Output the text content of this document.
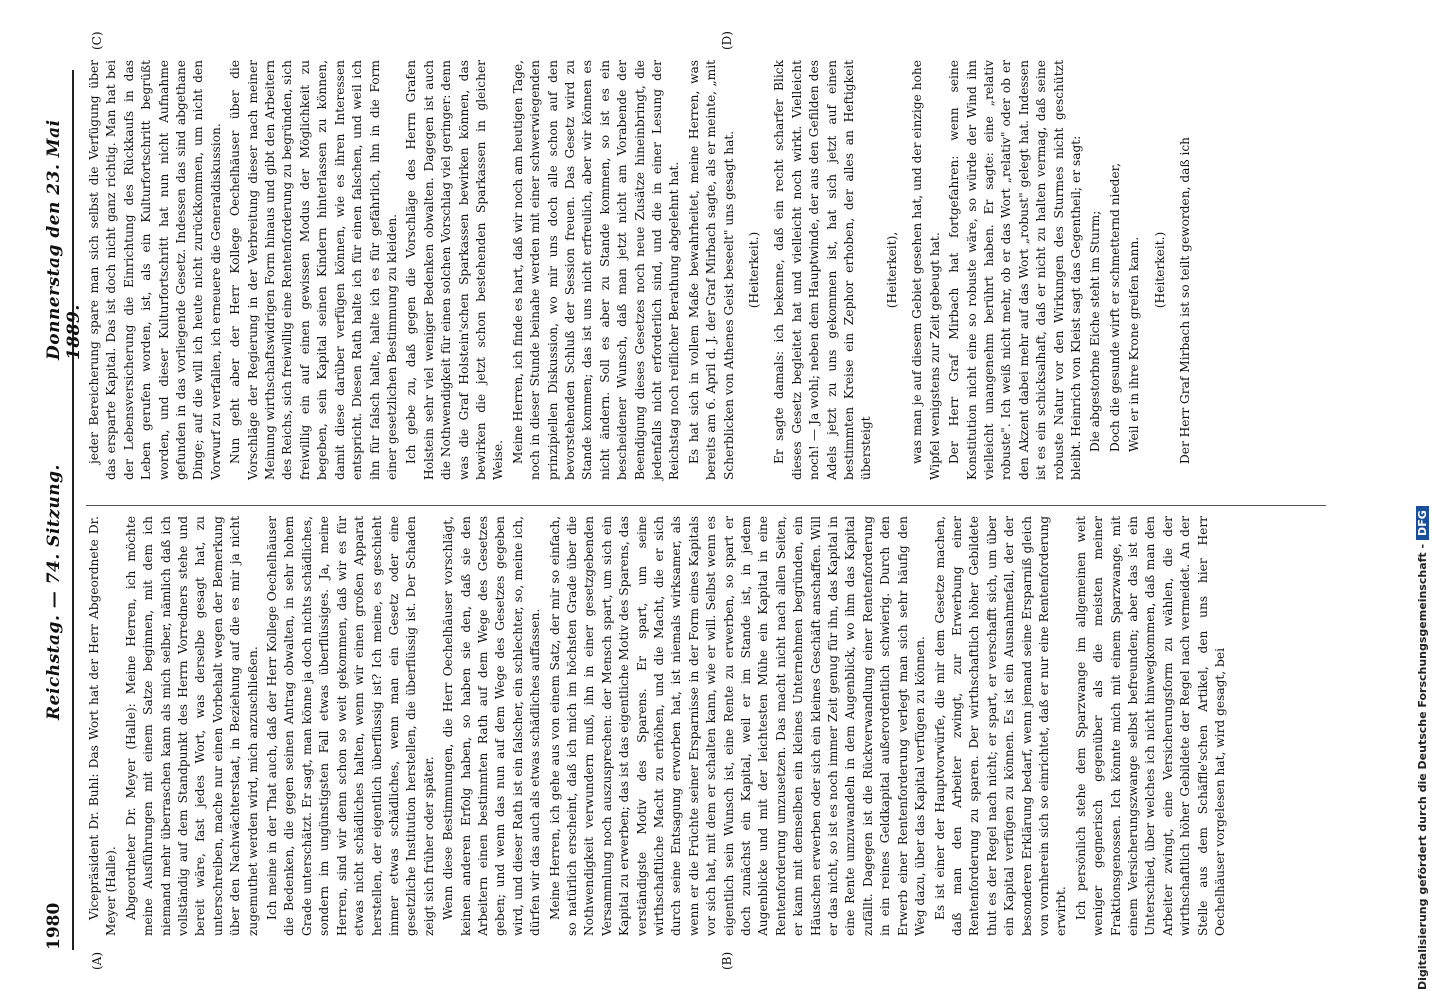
1980
Reichstag. — 74. Sitzung.
Donnerstag den 23. Mai 1889.
(A)	(B)
(C)	(D)

Vicepräsident Dr. Buhl: Das Wort hat der Herr Abgeordnete Dr. Meyer (Halle). Abgeordneter Dr. Meyer (Halle): Meine Herren, ich möchte meine Ausführungen mit einem Satze beginnen, mit dem ich niemand mehr überraschen kann als mich selber, nämlich daß ich vollständig auf dem Standpunkt des Herrn Vorredners stehe und bereit wäre, fast jedes Wort, was derselbe gesagt hat, zu unterschreiben, mache nur einen Vorbehalt wegen der Bemerkung über den Nachwächterstaat, in Beziehung auf die es mir ja nicht zugemuthet werden wird, mich anzuschließen. Ich meine in der That auch, daß der Herr Kollege Oechelhäuser die Bedenken, die gegen seinen Antrag obwalten, in sehr hohem Grade unterschätzt. Er sagt, man könne ja doch nichts schädliches, sondern im ungünstigsten Fall etwas überflüssiges. Ja, meine Herren, sind wir denn schon so weit gekommen, daß wir es für etwas nicht schädliches halten, wenn wir einen großen Apparat herstellen, der eigentlich überflüssig ist? Ich meine, es geschieht immer etwas schädliches, wenn man ein Gesetz oder eine gesetzliche Institution herstellen, die überflüssig ist. Der Schaden zeigt sich früher oder später. Wenn diese Bestimmungen, die Herr Oechelhäuser vorschlägt, keinen anderen Erfolg haben, so haben sie den, daß sie den Arbeitern einen bestimmten Rath auf dem Wege des Gesetzes geben; und wenn das nun auf dem Wege des Gesetzes gegeben wird, und dieser Rath ist ein falscher, ein schlechter, so, meine ich, dürfen wir das auch als etwas schädliches auffassen. Meine Herren, ich gehe aus von einem Satz, der mir so einfach, so natürlich erscheint, daß ich mich im höchsten Grade über die Nothwendigkeit verwundern muß, ihn in einer gesetzgebenden Versammlung noch auszusprechen: der Mensch spart, um sich ein Kapital zu erwerben; das ist das eigentliche Motiv des Sparens, das verständigste Motiv des Sparens. Er spart, um seine wirthschaftliche Macht zu erhöhen, und die Macht, die er sich durch seine Entsagung erworben hat, ist niemals wirksamer, als wenn er die Früchte seiner Ersparnisse in der Form eines Kapitals vor sich hat, mit dem er schalten kann, wie er will. Selbst wenn es eigentlich sein Wunsch ist, eine Rente zu erwerben, so spart er doch zunächst ein Kapital, weil er im Stande ist, in jedem Augenblicke und mit der leichtesten Mühe ein Kapital in eine Rentenforderung umzusetzen. Das macht nicht nach allen Seiten, er kann mit demselben ein kleines Unternehmen begründen, ein Häuschen erwerben oder sich ein kleines Geschäft anschaffen. Will er das nicht, so ist es noch immer Zeit genug für ihn, das Kapital in eine Rente umzuwandeln in dem Augenblick, wo ihm das Kapital zufällt. Dagegen ist die Rückverwandlung einer Rentenforderung in ein reines Geldkapital außerordentlich schwierig. Durch den Erwerb einer Rentenforderung verlegt man sich sehr häufig den Weg dazu, über das Kapital verfügen zu können. Es ist einer der Hauptvorwürfe, die mir dem Gesetze machen, daß man den Arbeiter zwingt, zur Erwerbung einer Rentenforderung zu sparen. Der wirthschaftlich höher Gebildete thut es der Regel nach nicht; er spart, er verschafft sich, um über ein Kapital verfügen zu können. Es ist ein Ausnahmefall, der der besonderen Erklärung bedarf, wenn jemand seine Ersparniß gleich von vornherein sich so einrichtet, daß er nur eine Rentenforderung erwirbt. Ich persönlich stehe dem Sparzwange im allgemeinen weit weniger gegnerisch gegenüber als die meisten meiner Fraktionsgenossen. Ich könnte mich mit einem Sparzwange, mit einem Versicherungszwange selbst befreunden; aber das ist ein Unterschied, über welches ich nicht hinwegkommen, daß man den Arbeiter zwingt, eine Versicherungsform zu wählen, die der wirthschaftlich höher Gebildete der Regel nach vermeidet. An der Stelle aus dem Schäffle'schen Artikel, den uns hier Herr Oechelhäuser vorgelesen hat, wird gesagt, bei

jeder Bereicherung spare man sich selbst die Verfügung über das ersparte Kapital. Das ist doch nicht ganz richtig. Man hat bei der Lebensversicherung die Einrichtung des Rückkaufs in das Leben gerufen worden, ist, als ein Kulturfortschritt begrüßt worden, und dieser Kulturfortschritt hat nun nicht Aufnahme gefunden in das vorliegende Gesetz. Indessen das sind abgethane Dinge; auf die will ich heute nicht zurückkommen, um nicht den Vorwurf zu verfallen, ich erneuere die Generaldiskussion. Nun geht aber der Herr Kollege Oechelhäuser über die Vorschläge der Regierung in der Verbreitung dieser nach meiner Meinung wirthschaftswidrigen Form hinaus und gibt den Arbeitern des Reichs, sich freiwillig eine Rentenforderung zu begründen, sich freiwillig ein auf einen gewissen Modus der Möglichkeit zu begeben, sein Kapital seinen Kindern hinterlassen zu können, damit diese darüber verfügen können, wie es ihren Interessen entspricht. Diesen Rath halte ich für einen falschen, und weil ich ihn für falsch halte, halte ich es für gefährlich, ihn in die Form einer gesetzlichen Bestimmung zu kleiden. Ich gebe zu, daß gegen die Vorschläge des Herrn Grafen Holstein sehr viel weniger Bedenken obwalten. Dagegen ist auch die Nothwendigkeit für einen solchen Vorschlag viel geringer: denn was die Graf Holstein'schen Sparkassen bewirken können, das bewirken die jetzt schon bestehenden Sparkassen in gleicher Weise. Meine Herren, ich finde es hart, daß wir noch am heutigen Tage, noch in dieser Stunde beinahe werden mit einer schwerwiegenden prinzipiellen Diskussion, wo mir uns doch alle schon auf den bevorstehenden Schluß der Session freuen. Das Gesetz wird zu Stande kommen; das ist uns nicht erfreulich, aber wir können es nicht ändern. Soll es aber zu Stande kommen, so ist es ein bescheidener Wunsch, daß man jetzt nicht am Vorabende der Beendigung dieses Gesetzes noch neue Zusätze hineinbringt, die jedenfalls nicht erforderlich sind, und die in einer Lesung der Reichstag noch reiflicher Berathung abgelehnt hat. Es hat sich in vollem Maße bewahrheitet, meine Herren, was bereits am 6. April d. J. der Graf Mirbach sagte, als er meinte, „mit Scherblicken von Athenes Geist beseelt" uns gesagt hat. (Heiterkeit.) Er sagte damals: ich bekenne, daß ein recht scharfer Blick dieses Gesetz begleitet hat und vielleicht noch wirkt. Vielleicht noch! — Ja wohl; neben dem Hauptwinde, der aus den Gefilden des Adels jetzt zu uns gekommen ist, hat sich jetzt auf einen bestimmten Kreise ein Zephor erhoben, der alles an Heftigkeit übersteigt

(Heiterkeit), was man je auf diesem Gebiet gesehen hat, und der einzige hohe Wipfel wenigstens zur Zeit gebeugt hat. Der Herr Graf Mirbach hat fortgefahren: wenn seine Konstitution nicht eine so robuste wäre, so würde der Wind ihn vielleicht unangenehm berührt haben. Er sagte: eine „relativ robuste". Ich weiß nicht mehr, ob er das Wort „relativ" oder ob er den Akzent dabei mehr auf das Wort „robust" gelegt hat. Indessen ist es ein schicksalhaft, daß er nicht zu halten vermag, daß seine robuste Natur vor den Wirkungen des Sturmes nicht geschützt bleibt. Heinrich von Kleist sagt das Gegentheil; er sagt: Die abgestorbne Eiche steht im Sturm; Doch die gesunde wirft er schmetternd nieder, Weil er in ihre Krone greifen kann. (Heiterkeit.) Der Herr Graf Mirbach ist so teilt geworden, daß ich

Digitalisierung gefördert durch die Deutsche Forschungsgemeinschaft -DFG
